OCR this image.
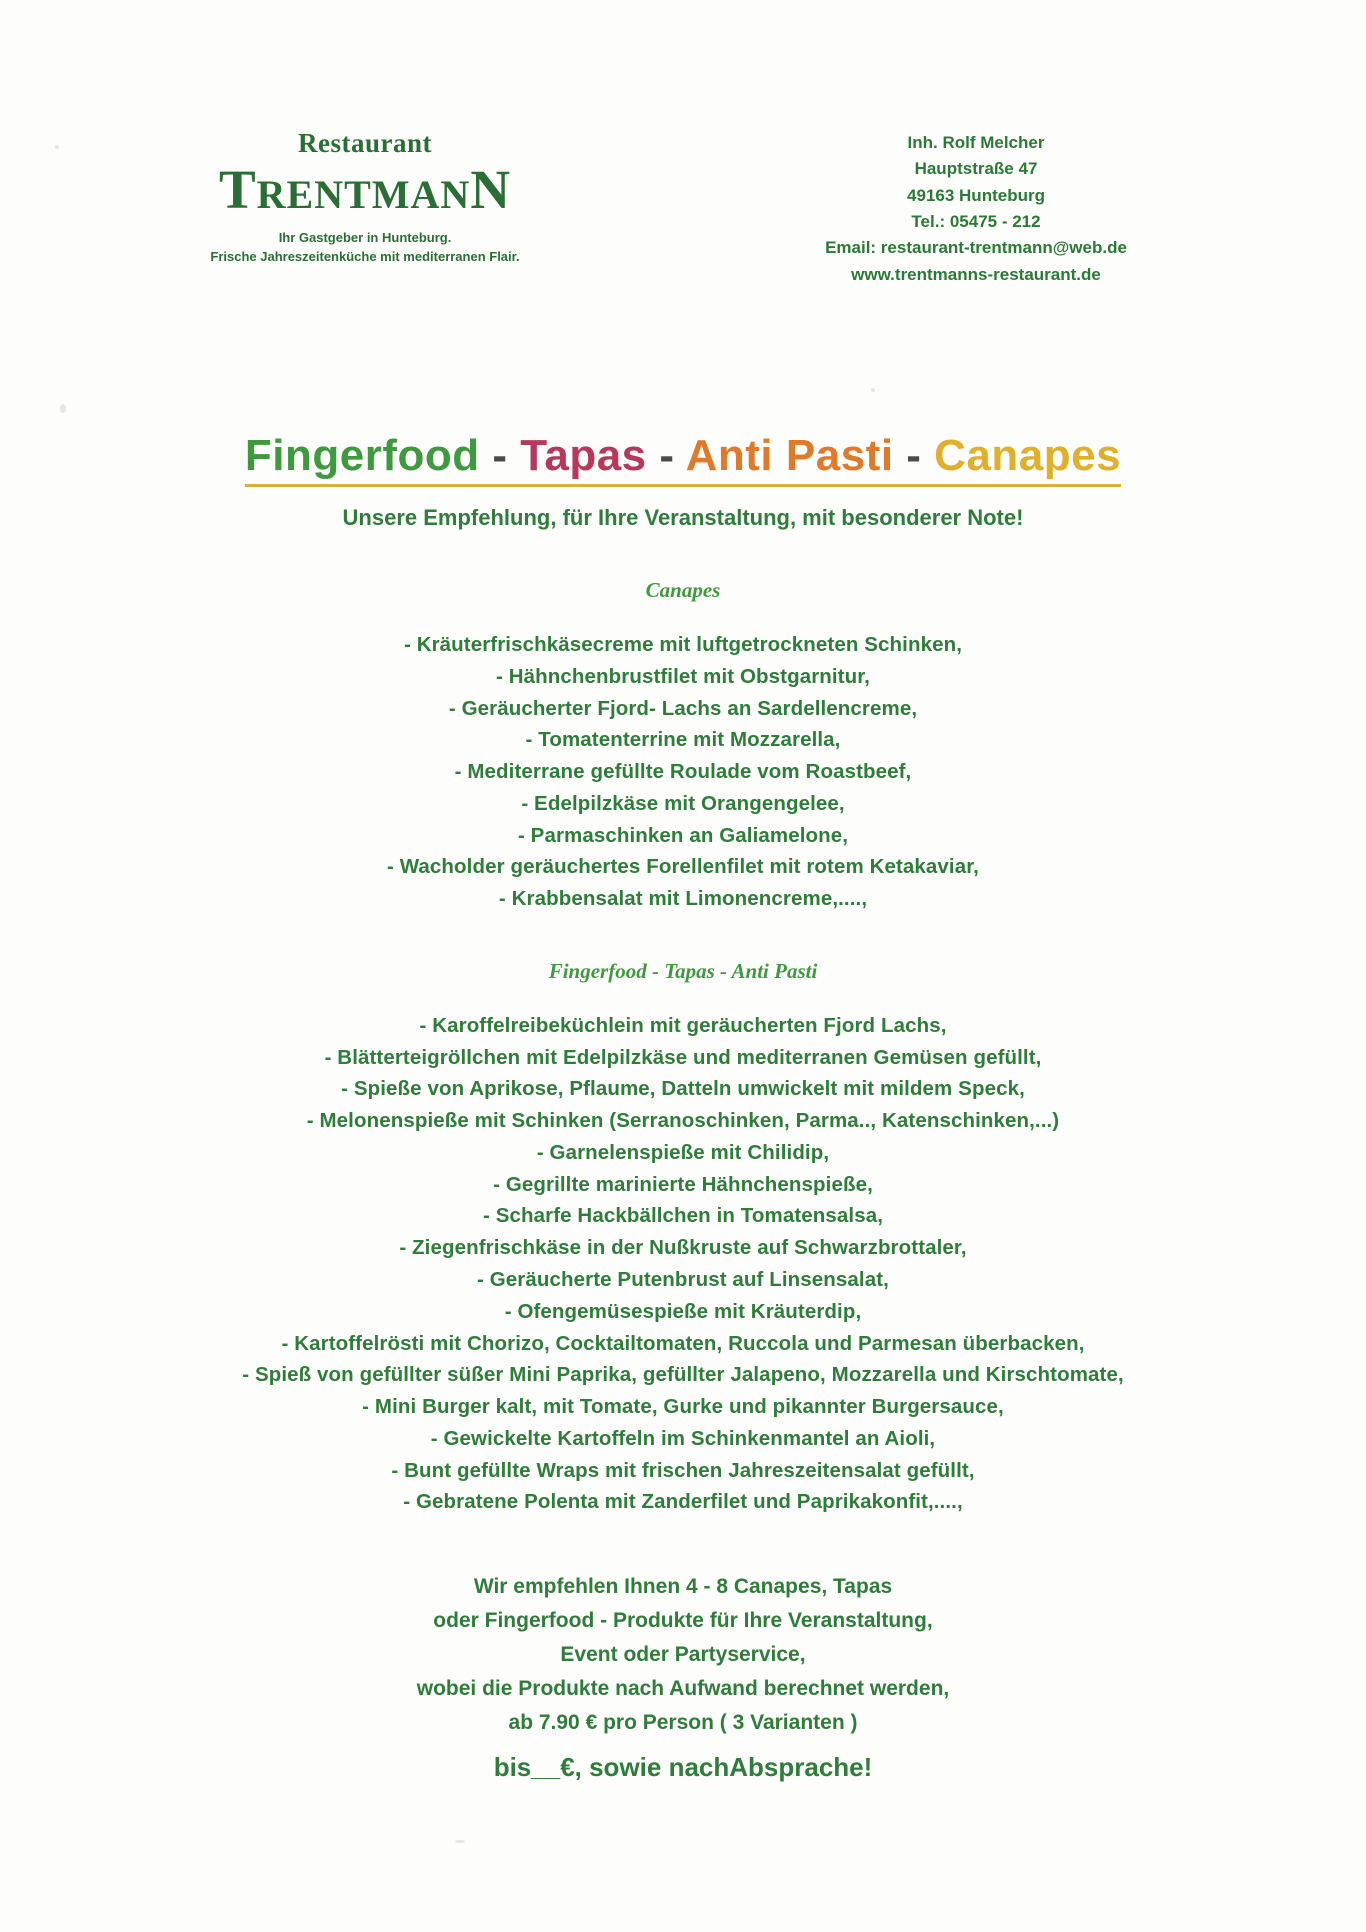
Restaurant
TRENTMANN
Ihr Gastgeber in Hunteburg.
Frische Jahreszeitenküche mit mediterranen Flair.
Inh. Rolf Melcher
Hauptstraße 47
49163 Hunteburg
Tel.: 05475 - 212
Email: restaurant-trentmann@web.de
www.trentmanns-restaurant.de
Fingerfood - Tapas - Anti Pasti - Canapes
Unsere Empfehlung, für Ihre Veranstaltung, mit besonderer Note!
Canapes
- Kräuterfrischkäsecreme mit luftgetrockneten Schinken,
- Hähnchenbrustfilet mit Obstgarnitur,
- Geräucherter Fjord- Lachs an Sardellencreme,
- Tomatenterrine mit Mozzarella,
- Mediterrane gefüllte Roulade vom Roastbeef,
- Edelpilzkäse mit Orangengelee,
- Parmaschinken an Galiamelone,
- Wacholder geräuchertes Forellenfilet mit rotem Ketakaviar,
- Krabbensalat mit Limonencreme,....,
Fingerfood - Tapas - Anti Pasti
- Karoffelreibeküchlein mit geräucherten Fjord Lachs,
- Blätterteigröllchen mit Edelpilzkäse und mediterranen Gemüsen gefüllt,
- Spieße von Aprikose, Pflaume, Datteln umwickelt mit mildem Speck,
- Melonenspieße mit Schinken (Serranoschinken, Parma.., Katenschinken,...)
- Garnelenspieße mit Chilidip,
- Gegrillte marinierte Hähnchenspieße,
- Scharfe Hackbällchen in Tomatensalsa,
- Ziegenfrischkäse in der Nußkruste auf Schwarzbrottaler,
- Geräucherte Putenbrust auf Linsensalat,
- Ofengemüsespieße mit Kräuterdip,
- Kartoffelrösti mit Chorizo, Cocktailtomaten, Ruccola und Parmesan überbacken,
- Spieß von gefüllter süßer Mini Paprika, gefüllter Jalapeno, Mozzarella und Kirschtomate,
- Mini Burger kalt, mit Tomate, Gurke und pikannter Burgersauce,
- Gewickelte Kartoffeln im Schinkenmantel an Aioli,
- Bunt gefüllte Wraps mit frischen Jahreszeitensalat gefüllt,
- Gebratene Polenta mit Zanderfilet und Paprikakonfit,....,
Wir empfehlen Ihnen 4 - 8 Canapes, Tapas
oder Fingerfood - Produkte für Ihre Veranstaltung,
Event oder Partyservice,
wobei die Produkte nach Aufwand berechnet werden,
ab 7.90 € pro Person ( 3 Varianten )
bis__€, sowie nachAbsprache!
